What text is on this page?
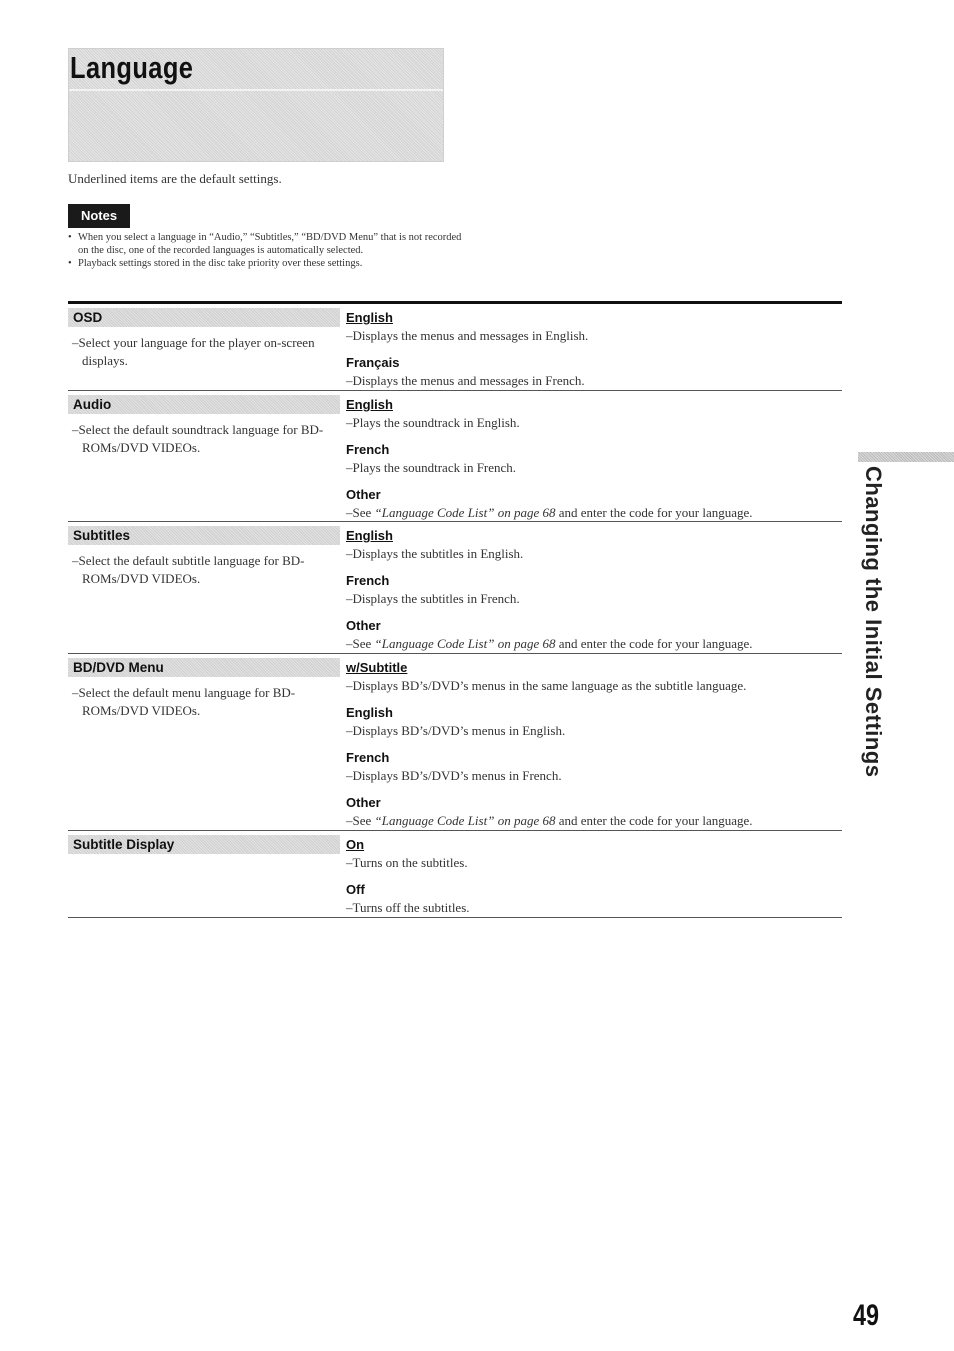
Language
Underlined items are the default settings.
Notes
• When you select a language in “Audio,” “Subtitles,” “BD/DVD Menu” that is not recorded on the disc, one of the recorded languages is automatically selected.
• Playback settings stored in the disc take priority over these settings.
OSD
–Select your language for the player on-screen displays.
English
–Displays the menus and messages in English.
Français
–Displays the menus and messages in French.
Audio
–Select the default soundtrack language for BD-ROMs/DVD VIDEOs.
English
–Plays the soundtrack in English.
French
–Plays the soundtrack in French.
Other
–See “Language Code List” on page 68 and enter the code for your language.
Subtitles
–Select the default subtitle language for BD-ROMs/DVD VIDEOs.
English
–Displays the subtitles in English.
French
–Displays the subtitles in French.
Other
–See “Language Code List” on page 68 and enter the code for your language.
BD/DVD Menu
–Select the default menu language for BD-ROMs/DVD VIDEOs.
w/Subtitle
–Displays BD’s/DVD’s menus in the same language as the subtitle language.
English
–Displays BD’s/DVD’s menus in English.
French
–Displays BD’s/DVD’s menus in French.
Other
–See “Language Code List” on page 68 and enter the code for your language.
Subtitle Display	On
–Turns on the subtitles.
Off
–Turns off the subtitles.
Changing the Initial Settings
49
